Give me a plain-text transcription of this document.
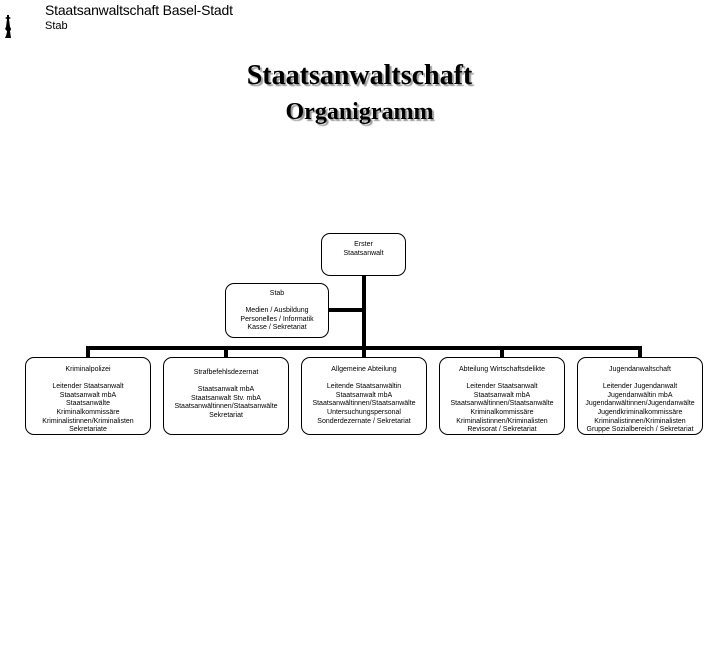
Staatsanwaltschaft Basel-Stadt
Stab
Staatsanwaltschaft
Organigramm
Erster
Staatsanwalt
Stab
Medien / Ausbildung
Personelles / Informatik
Kasse / Sekretariat
Kriminalpolizei
Leitender Staatsanwalt
Staatsanwalt mbA
Staatsanwälte
Kriminalkommissäre
Kriminalistinnen/Kriminalisten
Sekretariate
Strafbefehlsdezernat
Staatsanwalt mbA
Staatsanwalt Stv. mbA
Staatsanwältinnen/Staatsanwälte
Sekretariat
Allgemeine Abteilung
Leitende Staatsanwältin
Staatsanwalt mbA
Staatsanwältinnen/Staatsanwälte
Untersuchungspersonal
Sonderdezernate / Sekretariat
Abteilung Wirtschaftsdelikte
Leitender Staatsanwalt
Staatsanwalt mbA
Staatsanwältinnen/Staatsanwälte
Kriminalkommissäre
Kriminalistinnen/Kriminalisten
Revisorat / Sekretariat
Jugendanwaltschaft
Leitender Jugendanwalt
Jugendanwältin mbA
Jugendanwältinnen/Jugendanwälte
Jugendkriminalkommissäre
Kriminalistinnen/Kriminalisten
Gruppe Sozialbereich / Sekretariat
